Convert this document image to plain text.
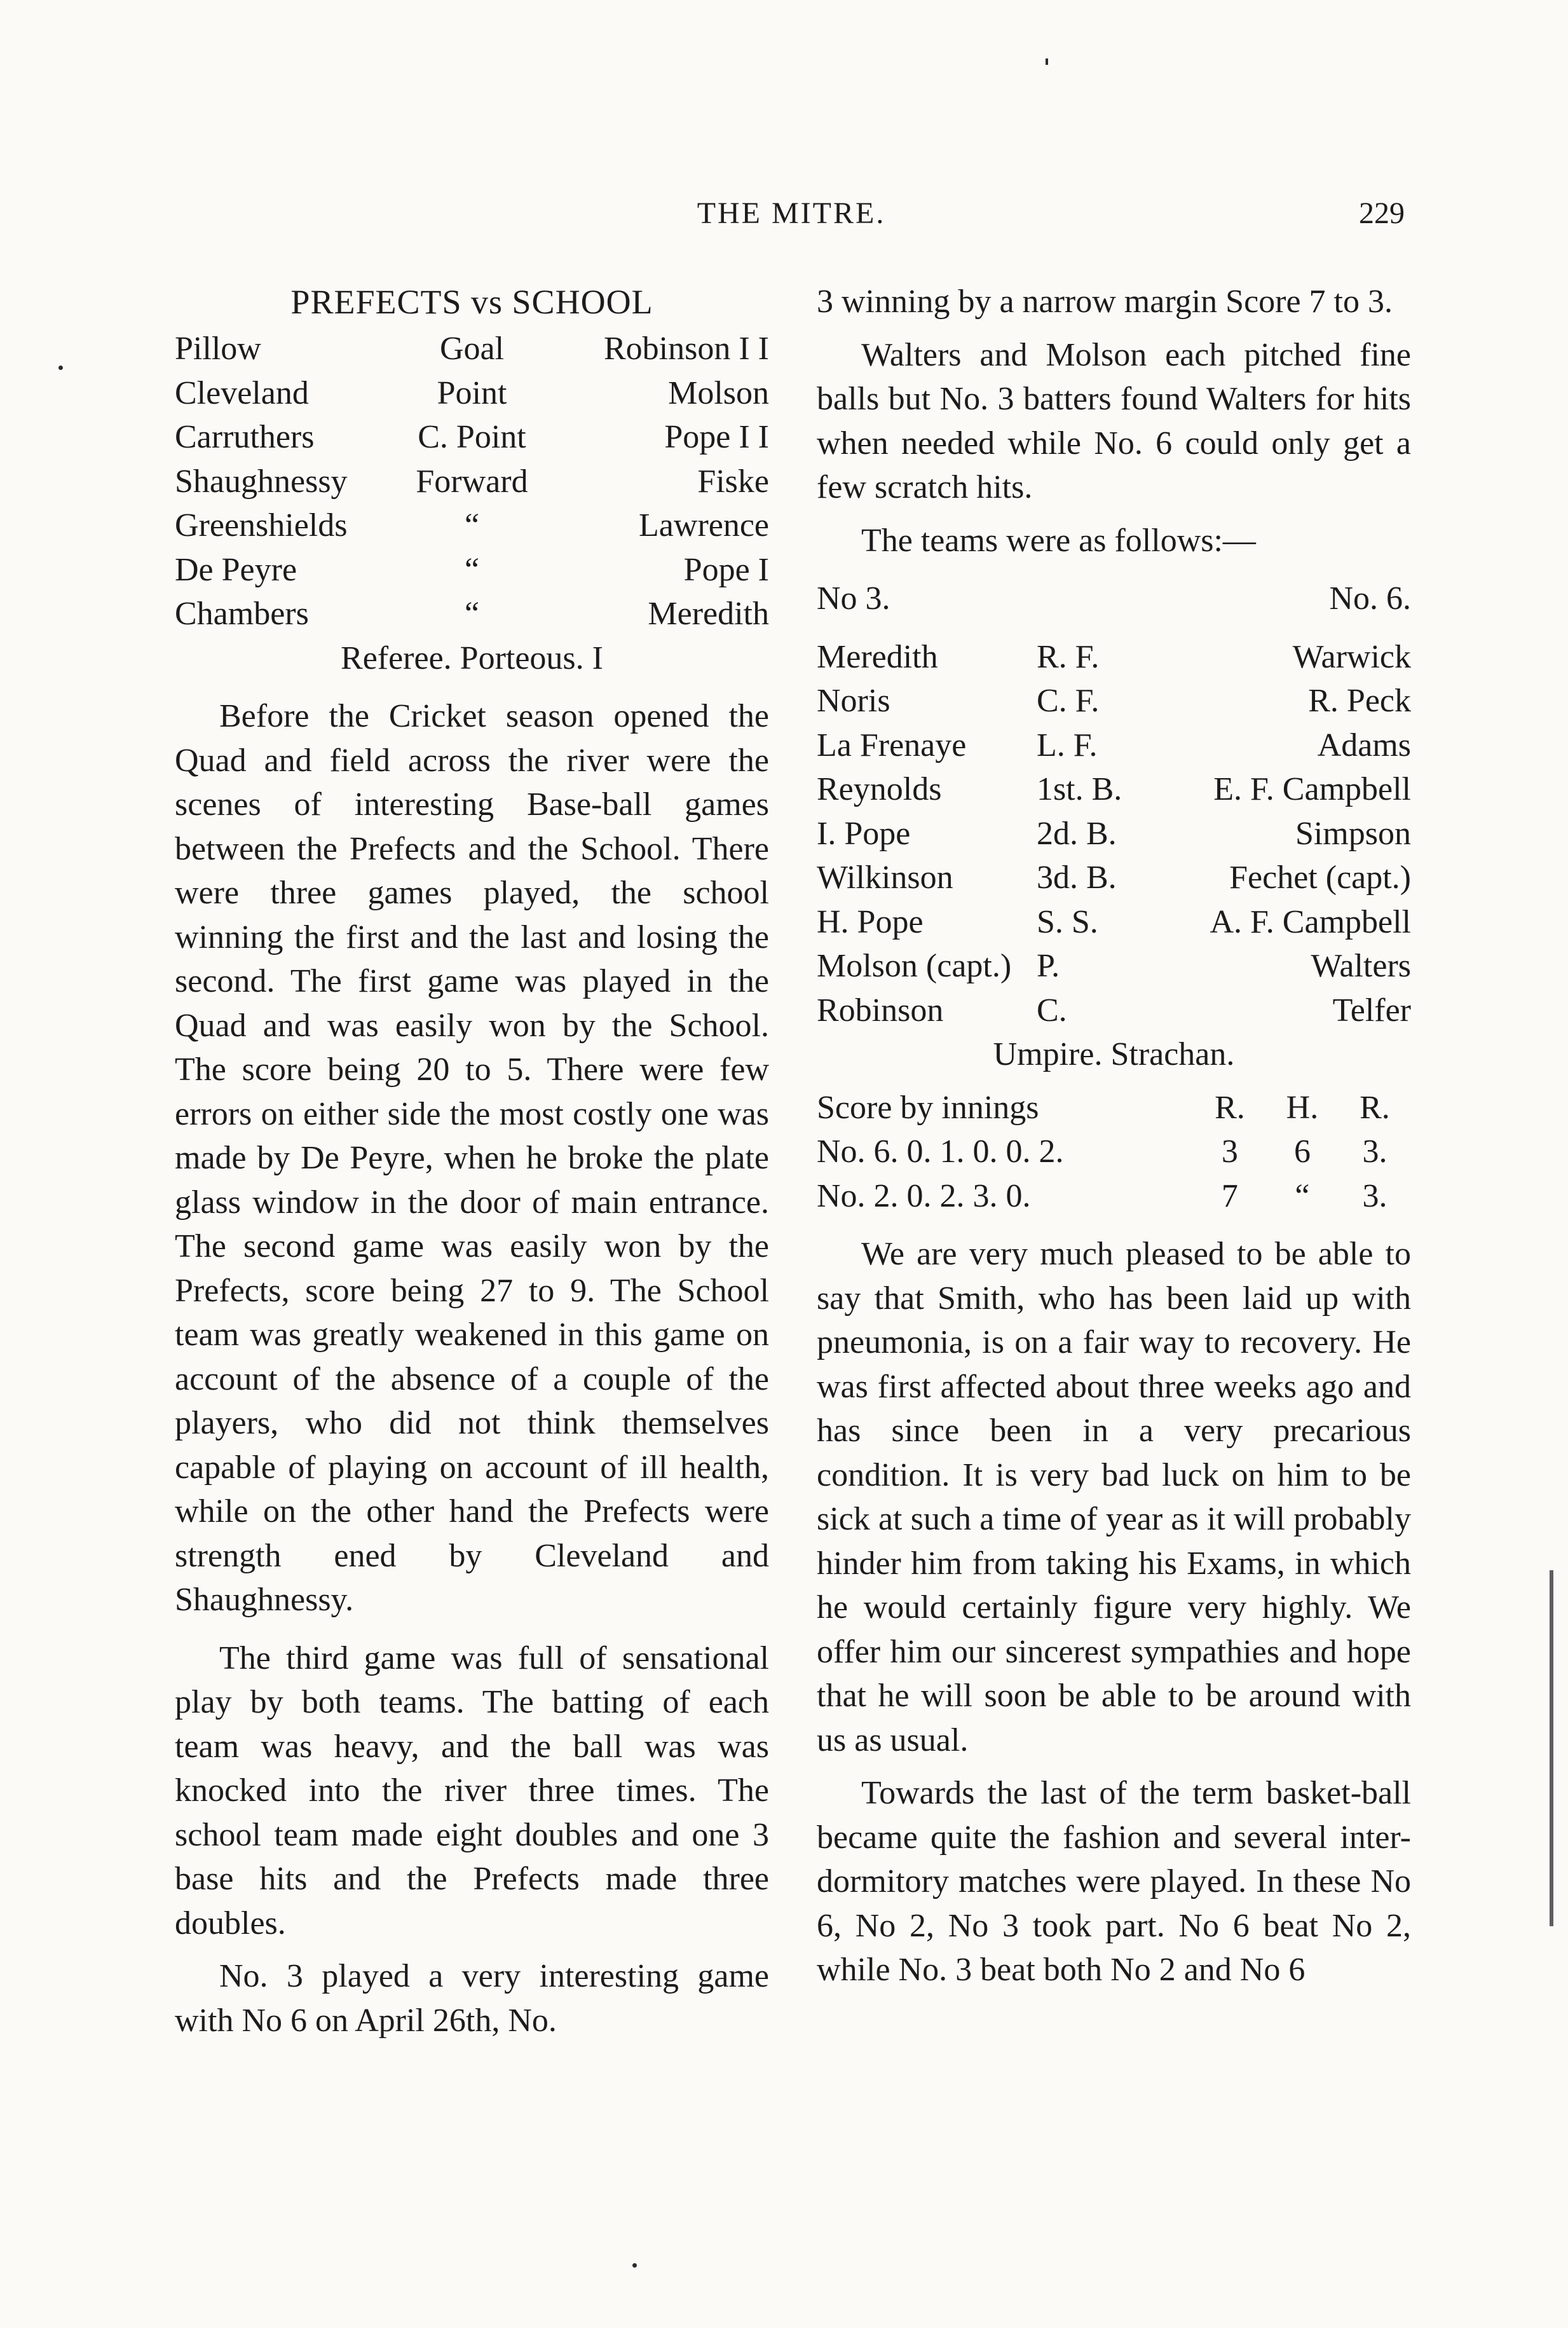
THE MITRE.	229
PREFECTS vs SCHOOL
Pillow	Goal	Robinson I I
Cleveland	Point	Molson
Carruthers	C. Point	Pope I I
Shaughnessy	Forward	Fiske
Greenshields	“	Lawrence
De Peyre	“	Pope I
Chambers	“	Meredith
Referee. Porteous. I

Before the Cricket season opened the Quad and field across the river were the scenes of interesting Base-ball games between the Prefects and the School. There were three games played, the school winning the first and the last and losing the second. The first game was played in the Quad and was easily won by the School. The score being 20 to 5. There were few errors on either side the most costly one was made by De Peyre, when he broke the plate glass window in the door of main entrance. The second game was easily won by the Prefects, score being 27 to 9. The School team was greatly weakened in this game on account of the absence of a couple of the players, who did not think themselves capable of playing on account of ill health, while on the other hand the Prefects were strength ened by Cleveland and Shaughnessy.

The third game was full of sensational play by both teams. The batting of each team was heavy, and the ball was was knocked into the river three times. The school team made eight doubles and one 3 base hits and the Prefects made three doubles.

No. 3 played a very interesting game with No 6 on April 26th, No.

3 winning by a narrow margin Score 7 to 3.

Walters and Molson each pitched fine balls but No. 3 batters found Walters for hits when needed while No. 6 could only get a few scratch hits.

The teams were as follows:—

No 3.	No. 6.
Meredith	R. F.	Warwick
Noris	C. F.	R. Peck
La Frenaye	L. F.	Adams
Reynolds	1st. B.	E. F. Campbell
I. Pope	2d. B.	Simpson
Wilkinson	3d. B.	Fechet (capt.)
H. Pope	S. S.	A. F. Campbell
Molson (capt.)	P.	Walters
Robinson	C.	Telfer
Umpire. Strachan.
Score by innings	R.	H.	R.
No. 6. 0. 1. 0. 0. 2.	3	6	3.
No. 2. 0. 2. 3. 0.	7	“	3.

We are very much pleased to be able to say that Smith, who has been laid up with pneumonia, is on a fair way to recovery. He was first affected about three weeks ago and has since been in a very precarious condition. It is very bad luck on him to be sick at such a time of year as it will probably hinder him from taking his Exams, in which he would certainly figure very highly. We offer him our sincerest sympathies and hope that he will soon be able to be around with us as usual.

Towards the last of the term basket-ball became quite the fashion and several inter-dormitory matches were played. In these No 6, No 2, No 3 took part. No 6 beat No 2, while No. 3 beat both No 2 and No 6
